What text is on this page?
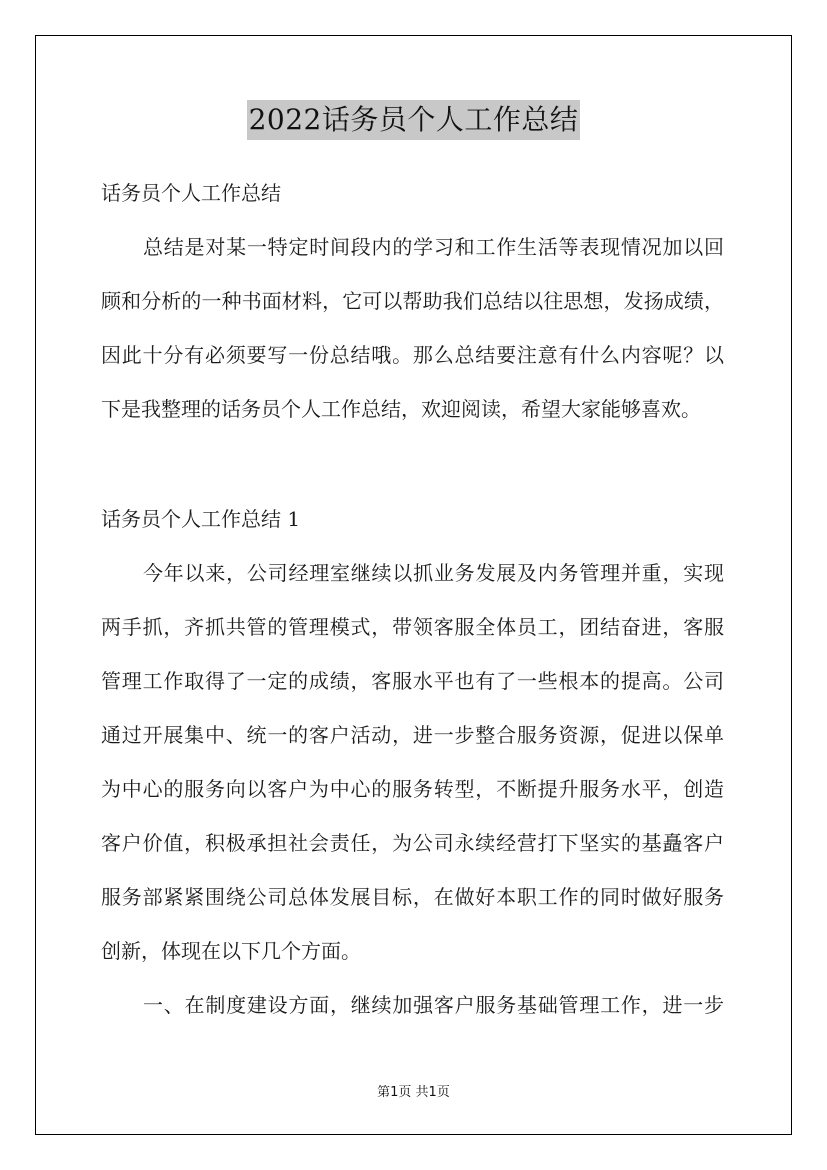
2022话务员个人工作总结
话务员个人工作总结
总结是对某一特定时间段内的学习和工作生活等表现情况加以回
顾和分析的一种书面材料，它可以帮助我们总结以往思想，发扬成绩，
因此十分有必须要写一份总结哦。那么总结要注意有什么内容呢？以
下是我整理的话务员个人工作总结，欢迎阅读，希望大家能够喜欢。
话务员个人工作总结 1
今年以来，公司经理室继续以抓业务发展及内务管理并重，实现
两手抓，齐抓共管的管理模式，带领客服全体员工，团结奋进，客服
管理工作取得了一定的成绩，客服水平也有了一些根本的提高。公司
通过开展集中、统一的客户活动，进一步整合服务资源，促进以保单
为中心的服务向以客户为中心的服务转型，不断提升服务水平，创造
客户价值，积极承担社会责任，为公司永续经营打下坚实的基矗客户
服务部紧紧围绕公司总体发展目标，在做好本职工作的同时做好服务
创新，体现在以下几个方面。
一、在制度建设方面，继续加强客户服务基础管理工作，进一步
第1页 共1页
